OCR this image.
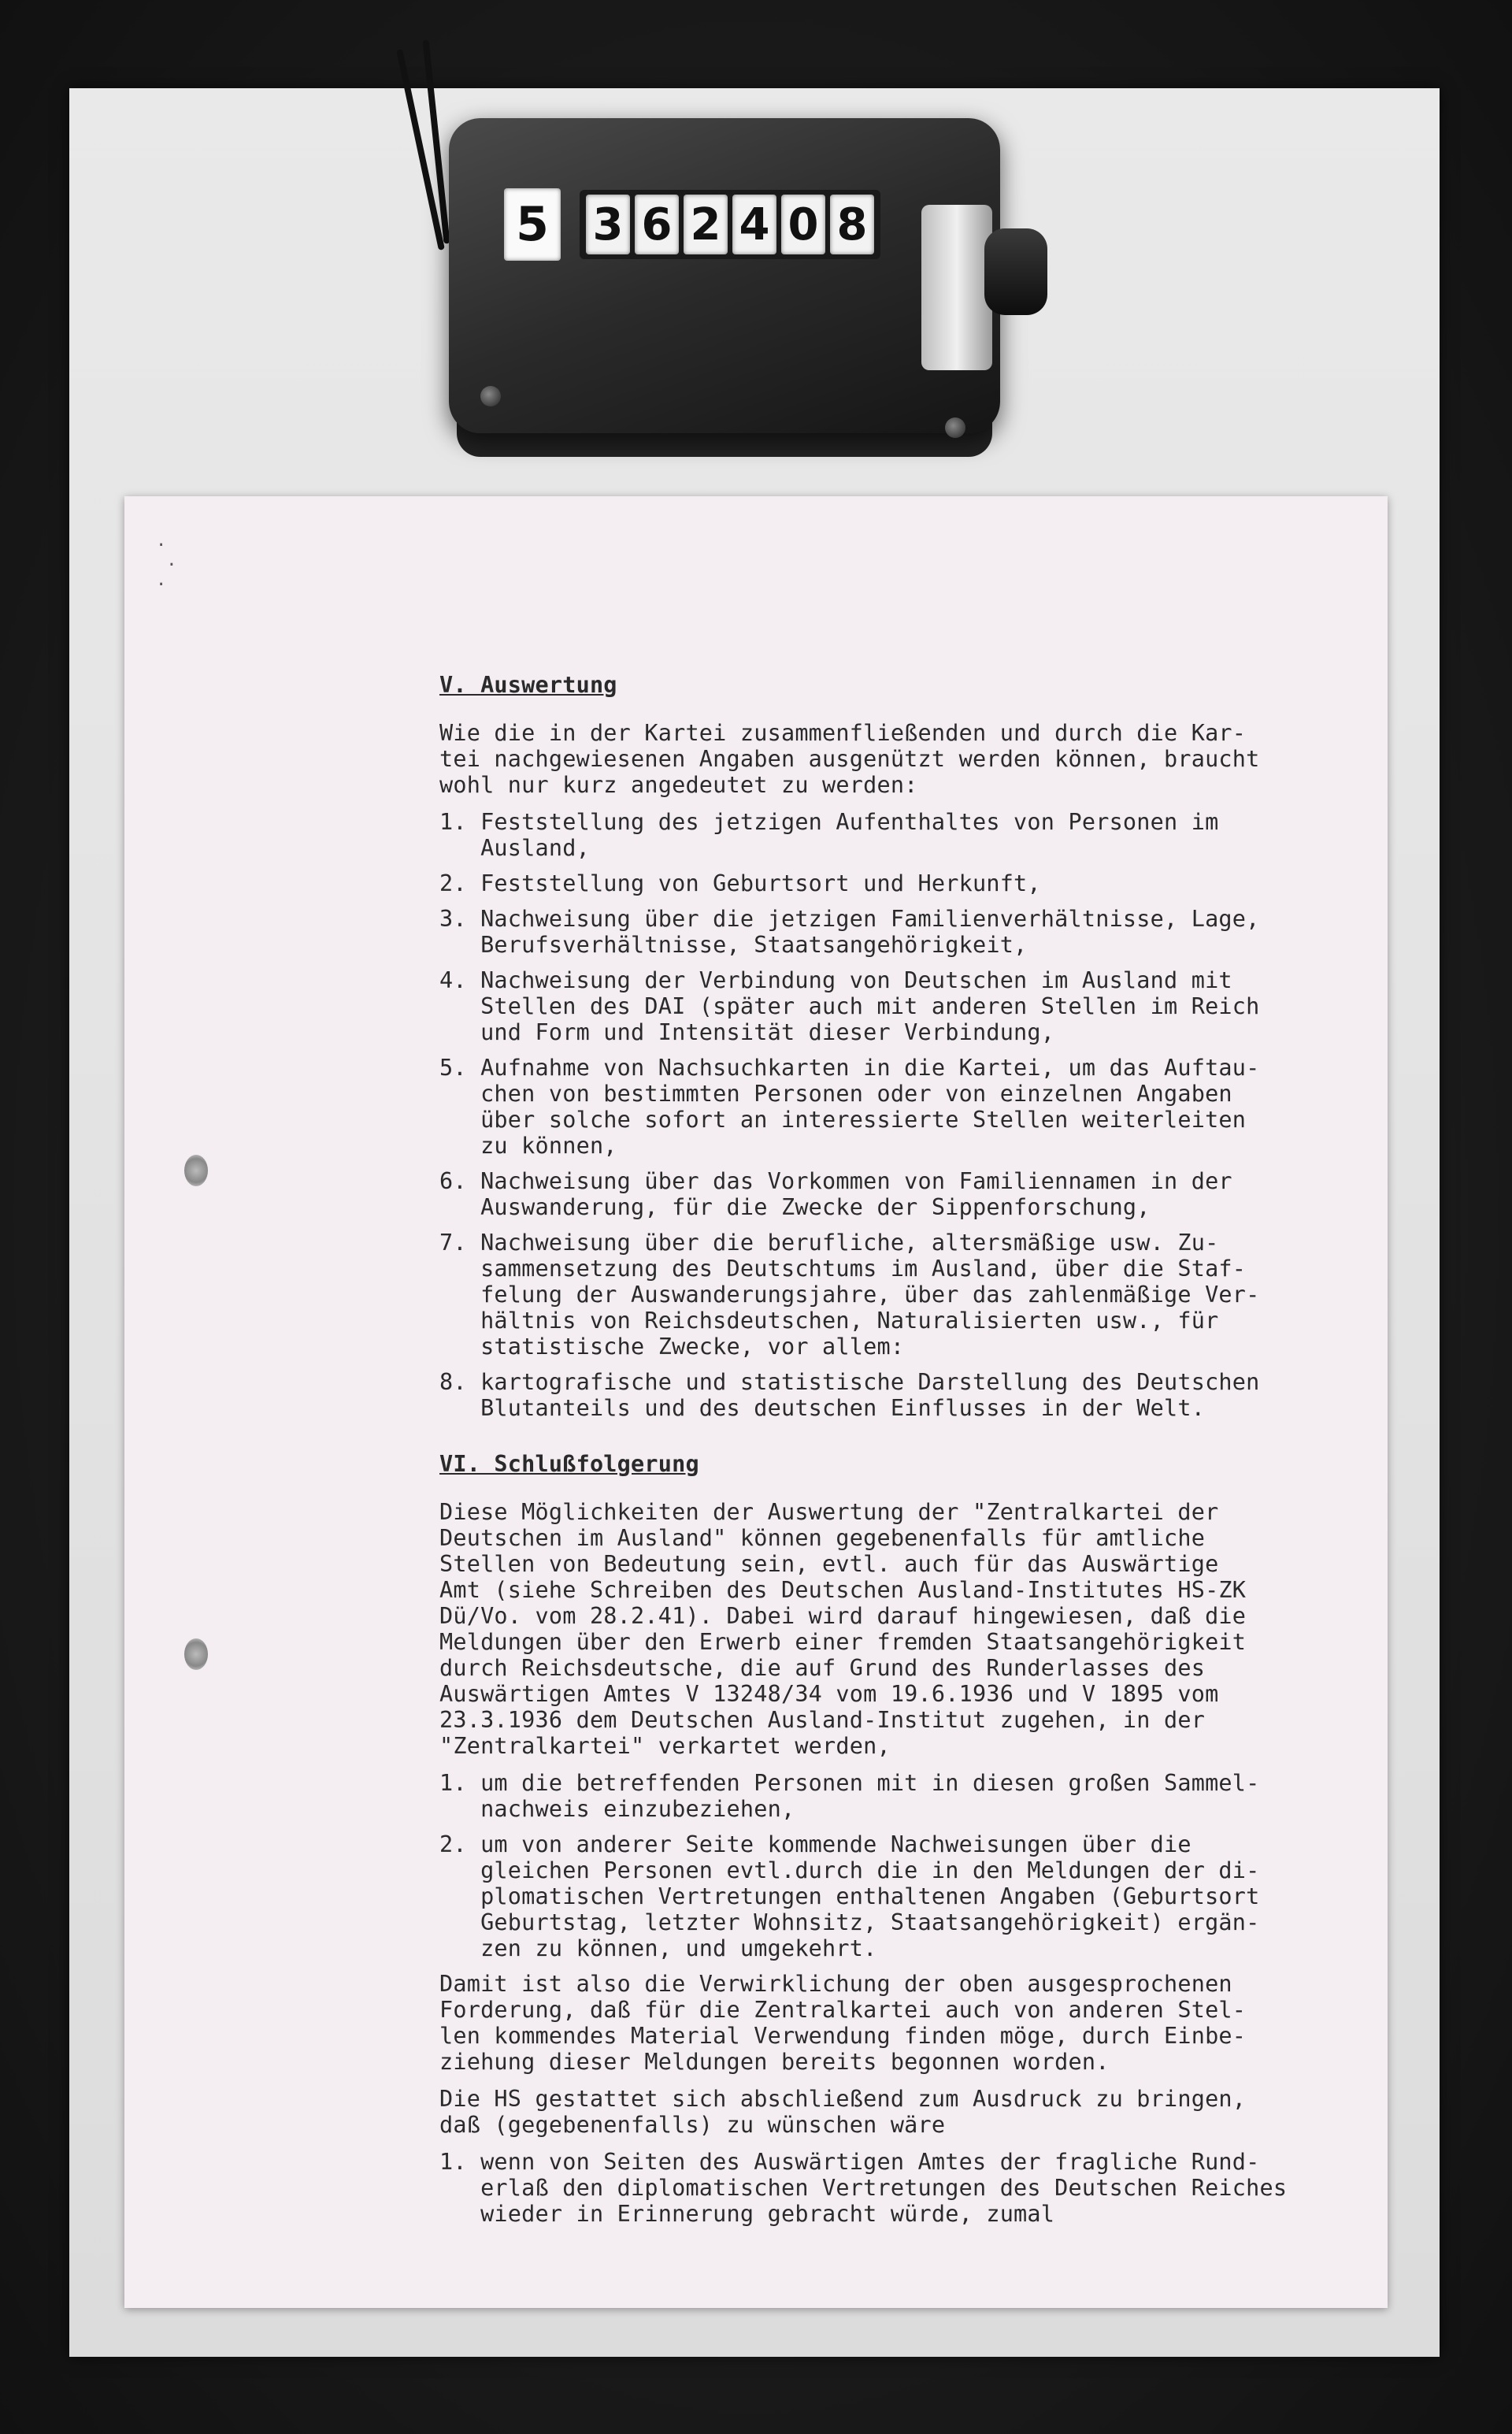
5 3 6 2 4 0 8
·
·
·

V. Auswertung
Wie die in der Kartei zusammenfließenden und durch die Kar-
tei nachgewiesenen Angaben ausgenützt werden können, braucht
wohl nur kurz angedeutet zu werden:
1. Feststellung des jetzigen Aufenthaltes von Personen im
Ausland,
2. Feststellung von Geburtsort und Herkunft,
3. Nachweisung über die jetzigen Familienverhältnisse, Lage,
Berufsverhältnisse, Staatsangehörigkeit,
4. Nachweisung der Verbindung von Deutschen im Ausland mit
Stellen des DAI (später auch mit anderen Stellen im Reich
und Form und Intensität dieser Verbindung,
5. Aufnahme von Nachsuchkarten in die Kartei, um das Auftau-
chen von bestimmten Personen oder von einzelnen Angaben
über solche sofort an interessierte Stellen weiterleiten
zu können,
6. Nachweisung über das Vorkommen von Familiennamen in der
Auswanderung, für die Zwecke der Sippenforschung,
7. Nachweisung über die berufliche, altersmäßige usw. Zu-
sammensetzung des Deutschtums im Ausland, über die Staf-
felung der Auswanderungsjahre, über das zahlenmäßige Ver-
hältnis von Reichsdeutschen, Naturalisierten usw., für
statistische Zwecke, vor allem:
8. kartografische und statistische Darstellung des Deutschen
Blutanteils und des deutschen Einflusses in der Welt.
VI. Schlußfolgerung
Diese Möglichkeiten der Auswertung der "Zentralkartei der
Deutschen im Ausland" können gegebenenfalls für amtliche
Stellen von Bedeutung sein, evtl. auch für das Auswärtige
Amt (siehe Schreiben des Deutschen Ausland-Institutes HS-ZK
Dü/Vo. vom 28.2.41). Dabei wird darauf hingewiesen, daß die
Meldungen über den Erwerb einer fremden Staatsangehörigkeit
durch Reichsdeutsche, die auf Grund des Runderlasses des
Auswärtigen Amtes V 13248/34 vom 19.6.1936 und V 1895 vom
23.3.1936 dem Deutschen Ausland-Institut zugehen, in der
"Zentralkartei" verkartet werden,
1. um die betreffenden Personen mit in diesen großen Sammel-
nachweis einzubeziehen,
2. um von anderer Seite kommende Nachweisungen über die
gleichen Personen evtl.durch die in den Meldungen der di-
plomatischen Vertretungen enthaltenen Angaben (Geburtsort
Geburtstag, letzter Wohnsitz, Staatsangehörigkeit) ergän-
zen zu können, und umgekehrt.
Damit ist also die Verwirklichung der oben ausgesprochenen
Forderung, daß für die Zentralkartei auch von anderen Stel-
len kommendes Material Verwendung finden möge, durch Einbe-
ziehung dieser Meldungen bereits begonnen worden.
Die HS gestattet sich abschließend zum Ausdruck zu bringen,
daß (gegebenenfalls) zu wünschen wäre
1. wenn von Seiten des Auswärtigen Amtes der fragliche Rund-
erlaß den diplomatischen Vertretungen des Deutschen Reiches
wieder in Erinnerung gebracht würde, zumal
